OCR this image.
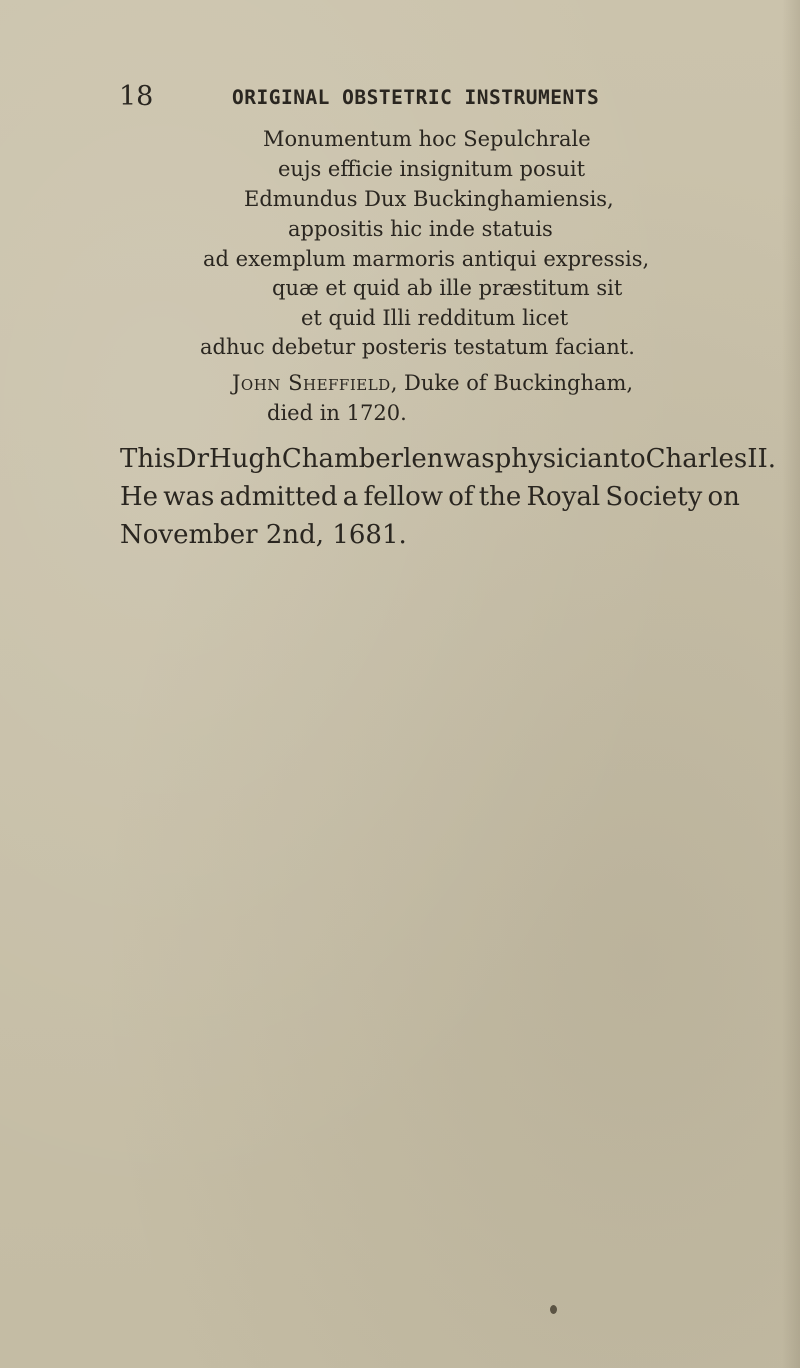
18	ORIGINAL OBSTETRIC INSTRUMENTS
Monumentum hoc Sepulchrale
eujs efficie insignitum posuit
Edmundus Dux Buckinghamiensis,
appositis hic inde statuis
ad exemplum marmoris antiqui expressis,
quæ et quid ab ille præstitum sit
et quid Illi redditum licet
adhuc debetur posteris testatum faciant.
John Sheffield, Duke of Buckingham,
died in 1720.
This Dr Hugh Chamberlen was physician to Charles II.
He was admitted a fellow of the Royal Society on
November 2nd, 1681.
